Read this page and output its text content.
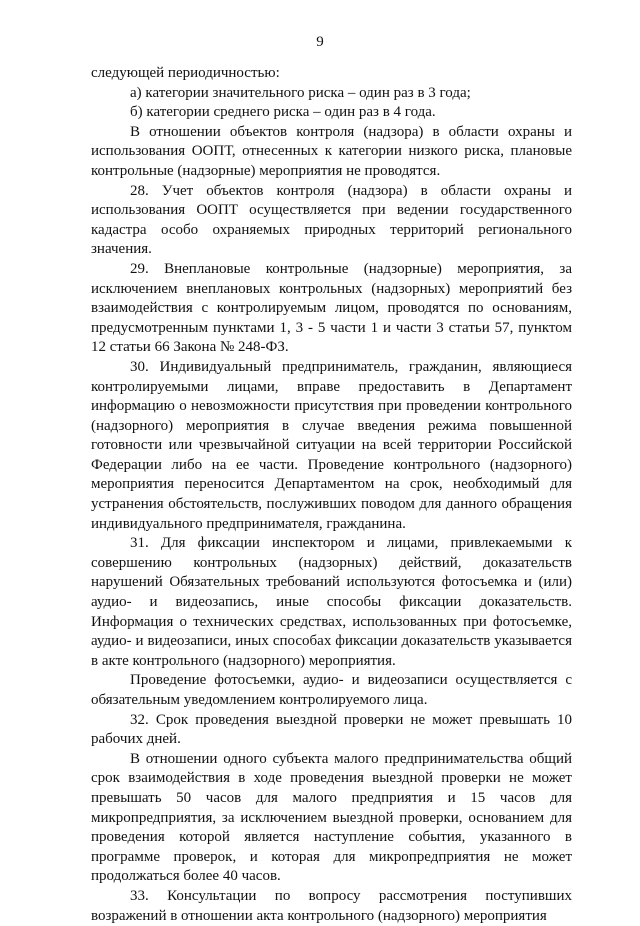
9

следующей периодичностью:

а) категории значительного риска – один раз в 3 года;

б) категории среднего риска – один раз в 4 года.

В отношении объектов контроля (надзора) в области охраны и использования ООПТ, отнесенных к категории низкого риска, плановые контрольные (надзорные) мероприятия не проводятся.

28. Учет объектов контроля (надзора) в области охраны и использования ООПТ осуществляется при ведении государственного кадастра особо охраняемых природных территорий регионального значения.

29. Внеплановые контрольные (надзорные) мероприятия, за исключением внеплановых контрольных (надзорных) мероприятий без взаимодействия с контролируемым лицом, проводятся по основаниям, предусмотренным пунктами 1, 3 - 5 части 1 и части 3 статьи 57, пунктом 12 статьи 66 Закона № 248-ФЗ.

30. Индивидуальный предприниматель, гражданин, являющиеся контролируемыми лицами, вправе предоставить в Департамент информацию о невозможности присутствия при проведении контрольного (надзорного) мероприятия в случае введения режима повышенной готовности или чрезвычайной ситуации на всей территории Российской Федерации либо на ее части. Проведение контрольного (надзорного) мероприятия переносится Департаментом на срок, необходимый для устранения обстоятельств, послуживших поводом для данного обращения индивидуального предпринимателя, гражданина.

31. Для фиксации инспектором и лицами, привлекаемыми к совершению контрольных (надзорных) действий, доказательств нарушений Обязательных требований используются фотосъемка и (или) аудио- и видеозапись, иные способы фиксации доказательств. Информация о технических средствах, использованных при фотосъемке, аудио- и видеозаписи, иных способах фиксации доказательств указывается в акте контрольного (надзорного) мероприятия.

Проведение фотосъемки, аудио- и видеозаписи осуществляется с обязательным уведомлением контролируемого лица.

32. Срок проведения выездной проверки не может превышать 10 рабочих дней.

В отношении одного субъекта малого предпринимательства общий срок взаимодействия в ходе проведения выездной проверки не может превышать 50 часов для малого предприятия и 15 часов для микропредприятия, за исключением выездной проверки, основанием для проведения которой является наступление события, указанного в программе проверок, и которая для микропредприятия не может продолжаться более 40 часов.

33. Консультации по вопросу рассмотрения поступивших возражений в отношении акта контрольного (надзорного) мероприятия
